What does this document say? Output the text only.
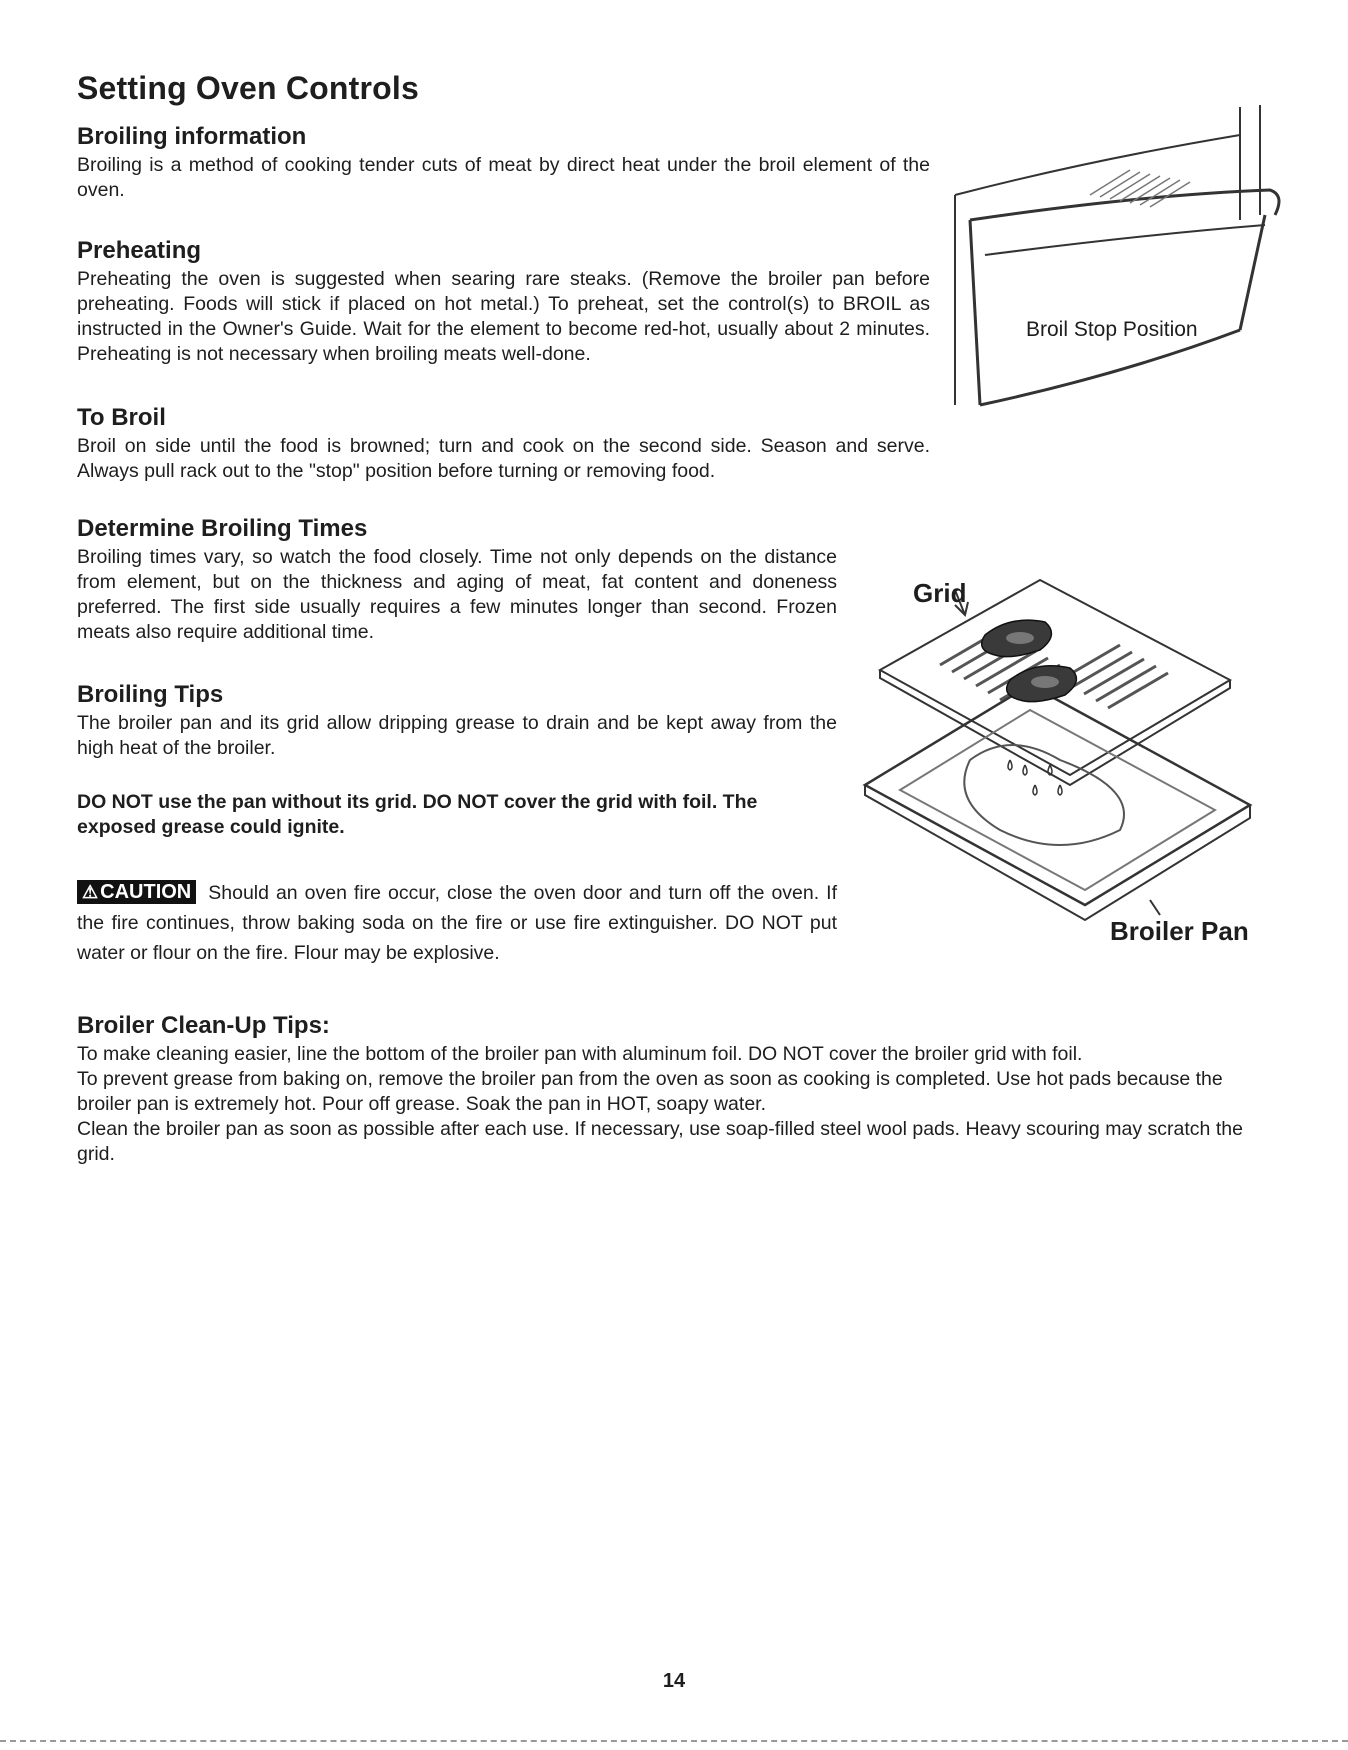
Setting Oven Controls
Broiling information

Broiling is a method of cooking tender cuts of meat by direct heat under the broil element of the oven.

Preheating

Preheating the oven is suggested when searing rare steaks. (Remove the broiler pan before preheating. Foods will stick if placed on hot metal.) To preheat, set the control(s) to BROIL as instructed in the Owner's Guide. Wait for the element to become red-hot, usually about 2 minutes. Preheating is not necessary when broiling meats well-done.

To Broil

Broil on side until the food is browned; turn and cook on the second side. Season and serve. Always pull rack out to the "stop" position before turning or removing food.

Determine Broiling Times

Broiling times vary, so watch the food closely. Time not only depends on the distance from element, but on the thickness and aging of meat, fat content and doneness preferred. The first side usually requires a few minutes longer than second. Frozen meats also require additional time.

Broiling Tips

The broiler pan and its grid allow dripping grease to drain and be kept away from the high heat of the broiler.

DO NOT use the pan without its grid. DO NOT cover the grid with foil. The exposed grease could ignite.

⚠ CAUTION Should an oven fire occur, close the oven door and turn off the oven. If the fire continues, throw baking soda on the fire or use fire extinguisher. DO NOT put water or flour on the fire. Flour may be explosive.

Broiler Clean-Up Tips:

To make cleaning easier, line the bottom of the broiler pan with aluminum foil. DO NOT cover the broiler grid with foil.

To prevent grease from baking on, remove the broiler pan from the oven as soon as cooking is completed. Use hot pads because the broiler pan is extremely hot. Pour off grease. Soak the pan in HOT, soapy water.

Clean the broiler pan as soon as possible after each use. If necessary, use soap-filled steel wool pads. Heavy scouring may scratch the grid.

Broil Stop Position
Grid
Broiler Pan
14
